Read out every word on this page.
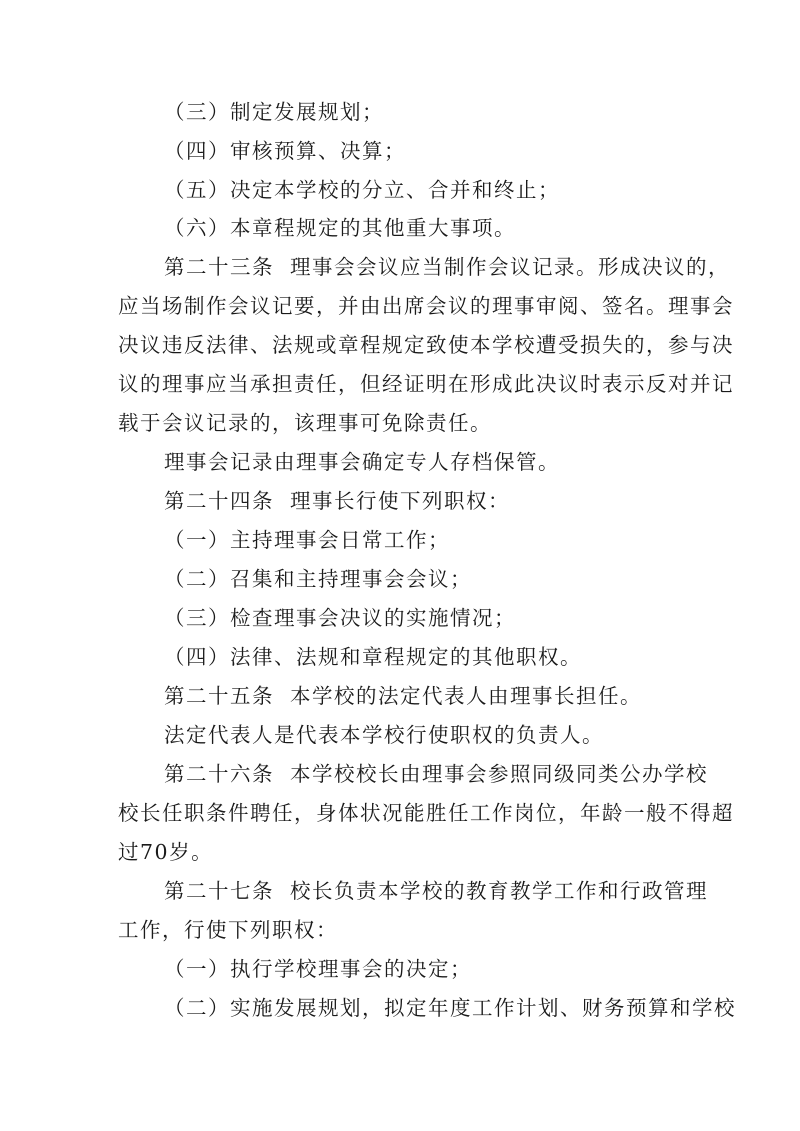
（三）制定发展规划；
（四）审核预算、决算；
（五）决定本学校的分立、合并和终止；
（六）本章程规定的其他重大事项。
第二十三条 理事会会议应当制作会议记录。形成决议的，
应当场制作会议记要，并由出席会议的理事审阅、签名。理事会
决议违反法律、法规或章程规定致使本学校遭受损失的，参与决
议的理事应当承担责任，但经证明在形成此决议时表示反对并记
载于会议记录的，该理事可免除责任。
理事会记录由理事会确定专人存档保管。
第二十四条 理事长行使下列职权：
（一）主持理事会日常工作；
（二）召集和主持理事会会议；
（三）检查理事会决议的实施情况；
（四）法律、法规和章程规定的其他职权。
第二十五条 本学校的法定代表人由理事长担任。
法定代表人是代表本学校行使职权的负责人。
第二十六条 本学校校长由理事会参照同级同类公办学校
校长任职条件聘任，身体状况能胜任工作岗位，年龄一般不得超
过70岁。
第二十七条 校长负责本学校的教育教学工作和行政管理
工作，行使下列职权：
（一）执行学校理事会的决定；
（二）实施发展规划，拟定年度工作计划、财务预算和学校
